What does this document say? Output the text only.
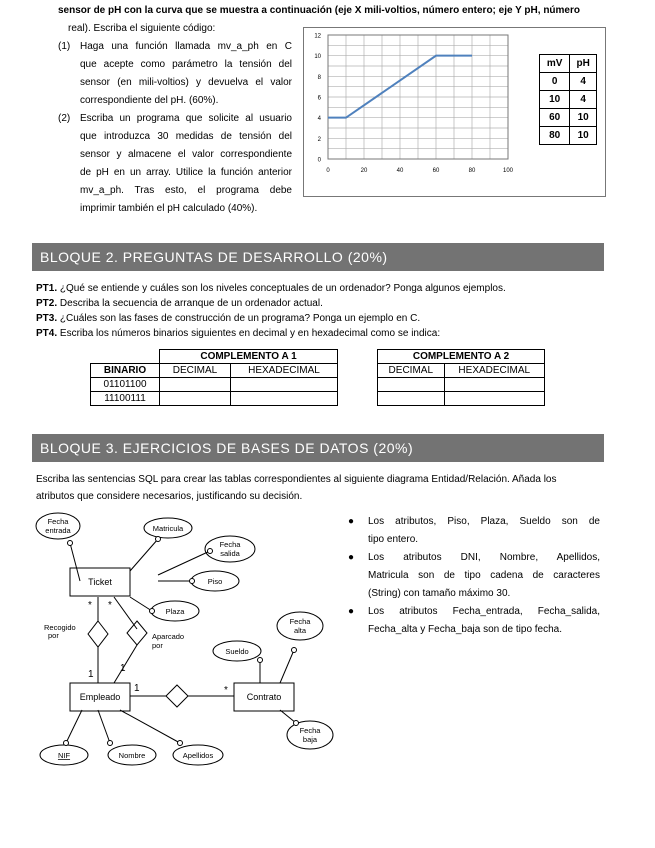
sensor de pH con la curva que se muestra a continuación (eje X mili-voltios, número entero; eje Y pH, número
real). Escriba el siguiente código:
(1) Haga una función llamada mv_a_ph en C
que acepte como parámetro la tensión del
sensor (en mili-voltios) y devuelva el valor
correspondiente del pH. (60%).
(2) Escriba un programa que solicite al usuario
que introduzca 30 medidas de tensión del
sensor y almacene el valor correspondiente
de pH en un array. Utilice la función anterior
mv_a_ph. Tras esto, el programa debe
imprimir también el pH calculado (40%).
0
2
4
6
8
10
12
0	20	40	60	80	100
mV	pH
0	4
10	4
60	10
80	10
BLOQUE 2. PREGUNTAS DE DESARROLLO (20%)
PT1. ¿Qué se entiende y cuáles son los niveles conceptuales de un ordenador? Ponga algunos ejemplos.
PT2. Describa la secuencia de arranque de un ordenador actual.
PT3. ¿Cuáles son las fases de construcción de un programa? Ponga un ejemplo en C.
PT4. Escriba los números binarios siguientes en decimal y en hexadecimal como se indica:
	COMPLEMENTO A 1	
BINARIO	DECIMAL	HEXADECIMAL
01101100		
11100111		
COMPLEMENTO A 2	
DECIMAL	HEXADECIMAL

BLOQUE 3. EJERCICIOS DE BASES DE DATOS (20%)
Escriba las sentencias SQL para crear las tablas correspondientes al siguiente diagrama Entidad/Relación. Añada los
atributos que considere necesarios, justificando su decisión.
● Los atributos, Piso, Plaza, Sueldo son de
tipo entero.
● Los atributos DNI, Nombre, Apellidos,
Matricula son de tipo cadena de caracteres
(String) con tamaño máximo 30.
● Los atributos Fecha_entrada, Fecha_salida,
Fecha_alta y Fecha_baja son de tipo fecha.
Ticket
Empleado	Contrato
Fecha
entrada	Matricula
Fecha
salida
Piso
Plaza
Sueldo
Fecha
alta
Fecha
baja
NIF	Nombre	Apellidos
Recogido
por	Aparcado
por
* *
1
1
1	*
